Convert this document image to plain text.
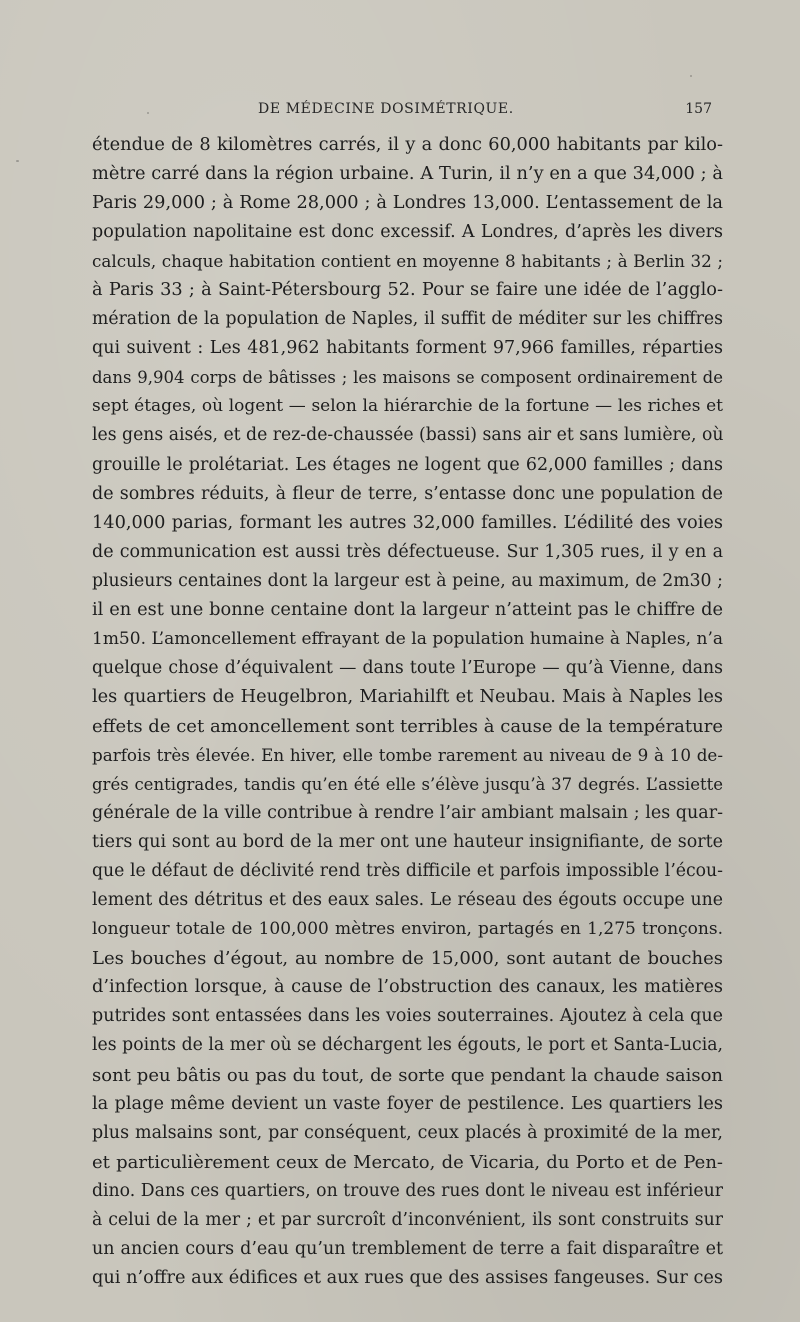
DE MÉDECINE DOSIMÉTRIQUE.	157
étendue de 8 kilomètres carrés, il y a donc 60,000 habitants par kilo-
mètre carré dans la région urbaine. A Turin, il n’y en a que 34,000 ; à
Paris 29,000 ; à Rome 28,000 ; à Londres 13,000. L’entassement de la
population napolitaine est donc excessif. A Londres, d’après les divers
calculs, chaque habitation contient en moyenne 8 habitants ; à Berlin 32 ;
à Paris 33 ; à Saint-Pétersbourg 52. Pour se faire une idée de l’agglo-
mération de la population de Naples, il suffit de méditer sur les chiffres
qui suivent : Les 481,962 habitants forment 97,966 familles, réparties
dans 9,904 corps de bâtisses ; les maisons se composent ordinairement de
sept étages, où logent — selon la hiérarchie de la fortune — les riches et
les gens aisés, et de rez-de-chaussée (bassi) sans air et sans lumière, où
grouille le prolétariat. Les étages ne logent que 62,000 familles ; dans
de sombres réduits, à fleur de terre, s’entasse donc une population de
140,000 parias, formant les autres 32,000 familles. L’édilité des voies
de communication est aussi très défectueuse. Sur 1,305 rues, il y en a
plusieurs centaines dont la largeur est à peine, au maximum, de 2m30 ;
il en est une bonne centaine dont la largeur n’atteint pas le chiffre de
1m50. L’amoncellement effrayant de la population humaine à Naples, n’a
quelque chose d’équivalent — dans toute l’Europe — qu’à Vienne, dans
les quartiers de Heugelbron, Mariahilft et Neubau. Mais à Naples les
effets de cet amoncellement sont terribles à cause de la température
parfois très élevée. En hiver, elle tombe rarement au niveau de 9 à 10 de-
grés centigrades, tandis qu’en été elle s’élève jusqu’à 37 degrés. L’assiette
générale de la ville contribue à rendre l’air ambiant malsain ; les quar-
tiers qui sont au bord de la mer ont une hauteur insignifiante, de sorte
que le défaut de déclivité rend très difficile et parfois impossible l’écou-
lement des détritus et des eaux sales. Le réseau des égouts occupe une
longueur totale de 100,000 mètres environ, partagés en 1,275 tronçons.
Les bouches d’égout, au nombre de 15,000, sont autant de bouches
d’infection lorsque, à cause de l’obstruction des canaux, les matières
putrides sont entassées dans les voies souterraines. Ajoutez à cela que
les points de la mer où se déchargent les égouts, le port et Santa-Lucia,
sont peu bâtis ou pas du tout, de sorte que pendant la chaude saison
la plage même devient un vaste foyer de pestilence. Les quartiers les
plus malsains sont, par conséquent, ceux placés à proximité de la mer,
et particulièrement ceux de Mercato, de Vicaria, du Porto et de Pen-
dino. Dans ces quartiers, on trouve des rues dont le niveau est inférieur
à celui de la mer ; et par surcroît d’inconvénient, ils sont construits sur
un ancien cours d’eau qu’un tremblement de terre a fait disparaître et
qui n’offre aux édifices et aux rues que des assises fangeuses. Sur ces
